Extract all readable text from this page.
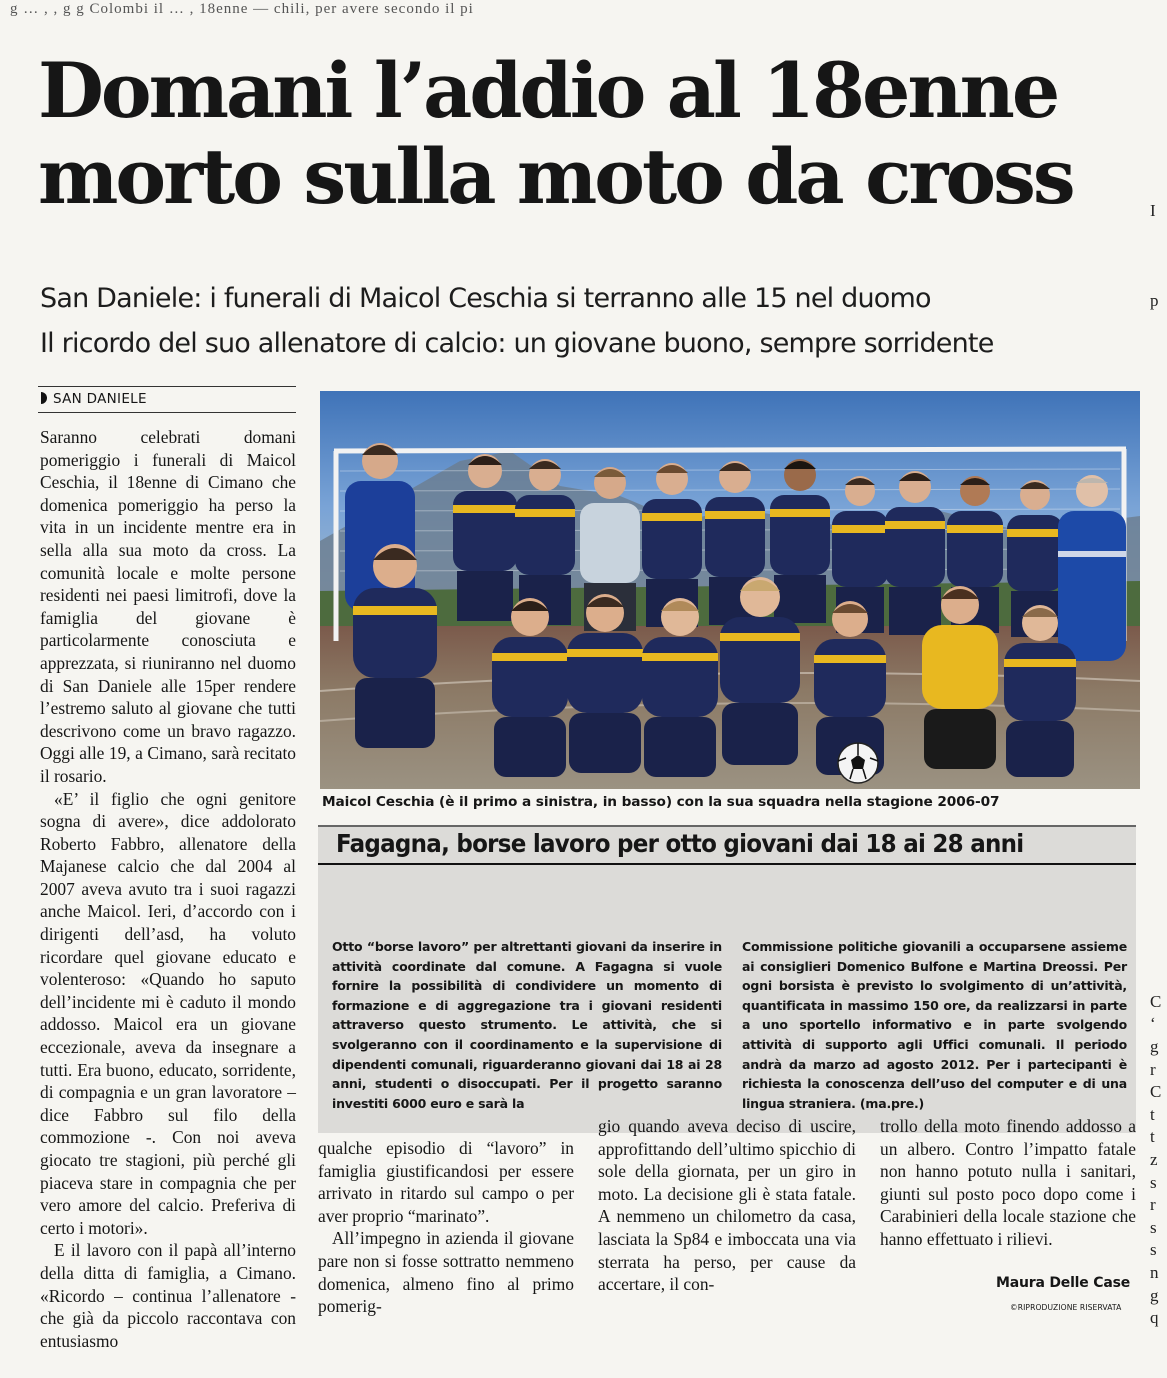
g … , , g g Colombi il … , 18enne — chili, per avere secondo il pi
Domani l’addio al 18enne
morto sulla moto da cross
San Daniele: i funerali di Maicol Ceschia si terranno alle 15 nel duomo
Il ricordo del suo allenatore di calcio: un giovane buono, sempre sorridente
SAN DANIELE

Saranno celebrati domani pomeriggio i funerali di Maicol Ceschia, il 18enne di Cimano che domenica pomeriggio ha perso la vita in un incidente mentre era in sella alla sua moto da cross. La comunità locale e molte persone residenti nei paesi limitrofi, dove la famiglia del giovane è particolarmente conosciuta e apprezzata, si riuniranno nel duomo di San Daniele alle 15per rendere l’estremo saluto al giovane che tutti descrivono come un bravo ragazzo. Oggi alle 19, a Cimano, sarà recitato il rosario.

«E’ il figlio che ogni genitore sogna di avere», dice addolorato Roberto Fabbro, allenatore della Majanese calcio che dal 2004 al 2007 aveva avuto tra i suoi ragazzi anche Maicol. Ieri, d’accordo con i dirigenti dell’asd, ha voluto ricordare quel giovane educato e volenteroso: «Quando ho saputo dell’incidente mi è caduto il mondo addosso. Maicol era un giovane eccezionale, aveva da insegnare a tutti. Era buono, educato, sorridente, di compagnia e un gran lavoratore – dice Fabbro sul filo della commozione -. Con noi aveva giocato tre stagioni, più perché gli piaceva stare in compagnia che per vero amore del calcio. Preferiva di certo i motori».

E il lavoro con il papà all’interno della ditta di famiglia, a Cimano. «Ricordo – continua l’allenatore - che già da piccolo raccontava con entusiasmo

Maicol Ceschia (è il primo a sinistra, in basso) con la sua squadra nella stagione 2006-07
Fagagna, borse lavoro per otto giovani dai 18 ai 28 anni
Otto “borse lavoro” per altrettanti giovani da inserire in attività coordinate dal comune. A Fagagna si vuole fornire la possibilità di condividere un momento di formazione e di aggregazione tra i giovani residenti attraverso questo strumento. Le attività, che si svolgeranno con il coordinamento e la supervisione di dipendenti comunali, riguarderanno giovani dai 18 ai 28 anni, studenti o disoccupati. Per il progetto saranno investiti 6000 euro e sarà la
Commissione politiche giovanili a occuparsene assieme ai consiglieri Domenico Bulfone e Martina Dreossi. Per ogni borsista è previsto lo svolgimento di un’attività, quantificata in massimo 150 ore, da realizzarsi in parte a uno sportello informativo e in parte svolgendo attività di supporto agli Uffici comunali. Il periodo andrà da marzo ad agosto 2012. Per i partecipanti è richiesta la conoscenza dell’uso del computer e di una lingua straniera. (ma.pre.)

qualche episodio di “lavoro” in famiglia giustificandosi per essere arrivato in ritardo sul campo o per aver proprio “marinato”.

All’impegno in azienda il giovane pare non si fosse sottratto nemmeno domenica, almeno fino al primo pomerig-

gio quando aveva deciso di uscire, approfittando dell’ultimo spicchio di sole della giornata, per un giro in moto. La decisione gli è stata fatale. A nemmeno un chilometro da casa, lasciata la Sp84 e imboccata una via sterrata ha perso, per cause da accertare, il con-

trollo della moto finendo addosso a un albero. Contro l’impatto fatale non hanno potuto nulla i sanitari, giunti sul posto poco dopo come i Carabinieri della locale stazione che hanno effettuato i rilievi.

Maura Delle Case
©RIPRODUZIONE RISERVATA
I

p

C
‘
g
r
C
t
t
z
s
r
s
s
n
g
q
